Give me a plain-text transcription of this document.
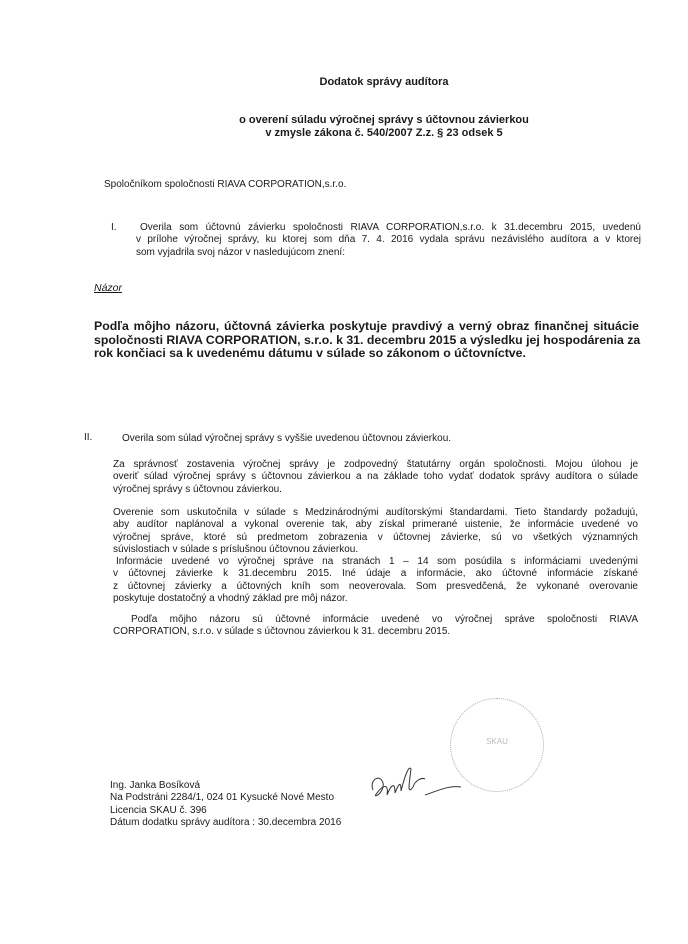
Dodatok správy audítora
o overení súladu výročnej správy s účtovnou závierkou
v zmysle zákona č. 540/2007 Z.z. § 23 odsek 5
Spoločníkom spoločnosti RIAVA CORPORATION,s.r.o.
I.	Overila som účtovnú závierku spoločnosti RIAVA CORPORATION,s.r.o. k 31.decembru 2015, uvedenú
v prílohe výročnej správy, ku ktorej som dňa 7. 4. 2016 vydala správu nezávislého audítora a v ktorej
som vyjadrila svoj názor v nasledujúcom znení:
Názor
Podľa môjho názoru, účtovná závierka poskytuje pravdivý a verný obraz finančnej situácie
spoločnosti RIAVA CORPORATION, s.r.o. k 31. decembru 2015 a výsledku jej hospodárenia za
rok končiaci sa k uvedenému dátumu v súlade so zákonom o účtovníctve.
II.	Overila som súlad výročnej správy s vyššie uvedenou účtovnou závierkou.
Za správnosť zostavenia výročnej správy je zodpovedný štatutárny orgán spoločnosti. Mojou úlohou je
overiť súlad výročnej správy s účtovnou závierkou a na základe toho vydať dodatok správy audítora o súlade
výročnej správy s účtovnou závierkou.
Overenie som uskutočnila v súlade s Medzinárodnými audítorskými štandardami. Tieto štandardy požadujú,
aby audítor naplánoval a vykonal overenie tak, aby získal primerané uistenie, že informácie uvedené vo
výročnej správe, ktoré sú predmetom zobrazenia v účtovnej závierke, sú vo všetkých významných
súvislostiach v súlade s príslušnou účtovnou závierkou.
Informácie uvedené vo výročnej správe na stranách 1 – 14 som posúdila s informáciami uvedenými
v účtovnej závierke k 31.decembru 2015. Iné údaje a informácie, ako účtovné informácie získané
z účtovnej závierky a účtovných kníh som neoverovala. Som presvedčená, že vykonané overovanie
poskytuje dostatočný a vhodný základ pre môj názor.
Podľa môjho názoru sú účtovné informácie uvedené vo výročnej správe spoločnosti RIAVA
CORPORATION, s.r.o. v súlade s účtovnou závierkou k 31. decembru 2015.
SKAU
Ing. Janka Bosíková
Na Podstráni 2284/1, 024 01 Kysucké Nové Mesto
Licencia SKAU č. 396
Dátum dodatku správy audítora : 30.decembra 2016
